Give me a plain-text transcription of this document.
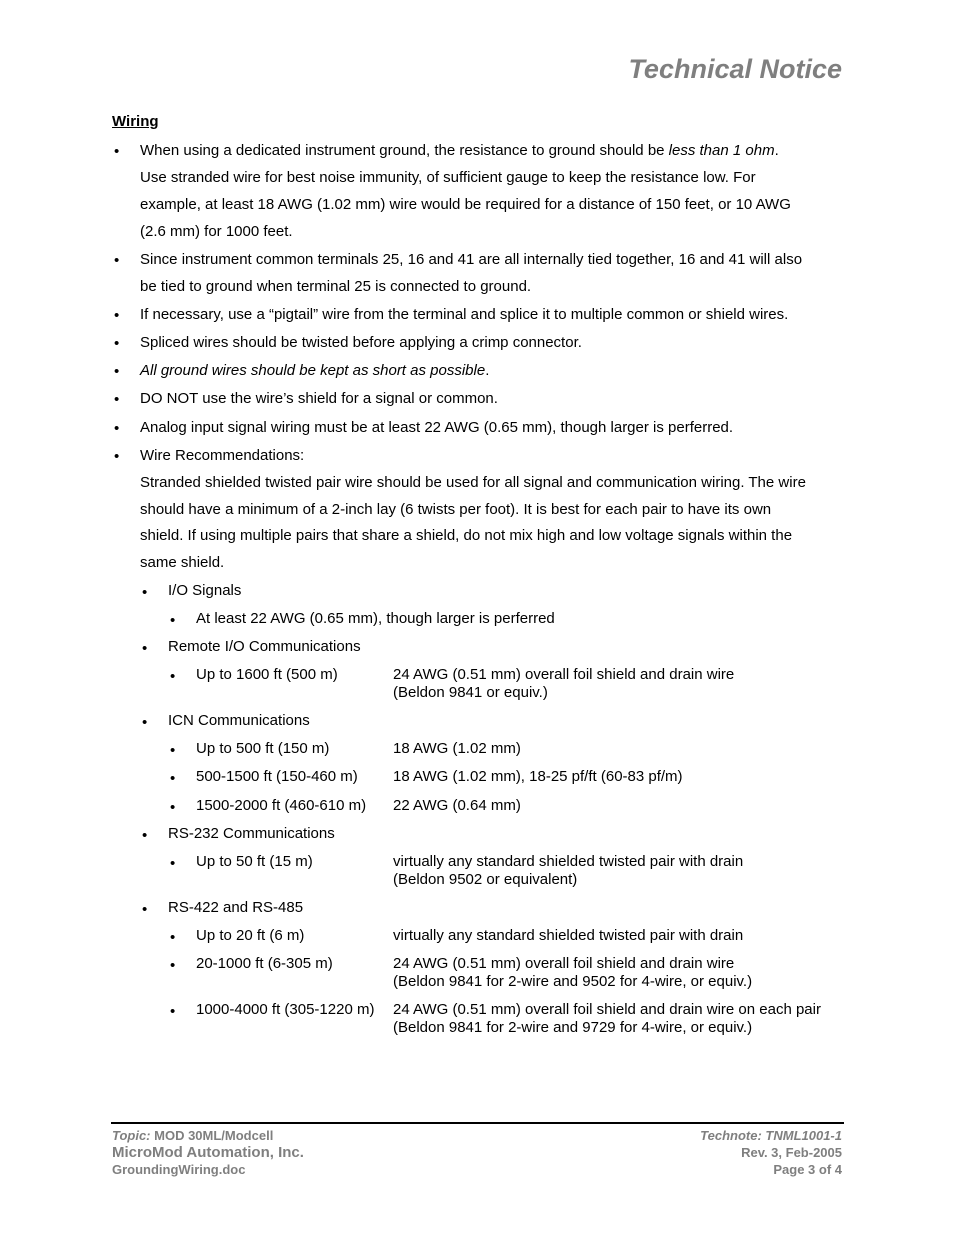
Technical Notice
Wiring
• When using a dedicated instrument ground, the resistance to ground should be less than 1 ohm.
Use stranded wire for best noise immunity, of sufficient gauge to keep the resistance low. For
example, at least 18 AWG (1.02 mm) wire would be required for a distance of 150 feet, or 10 AWG
(2.6 mm) for 1000 feet.
• Since instrument common terminals 25, 16 and 41 are all internally tied together, 16 and 41 will also
be tied to ground when terminal 25 is connected to ground.
• If necessary, use a “pigtail” wire from the terminal and splice it to multiple common or shield wires.
• Spliced wires should be twisted before applying a crimp connector.
• All ground wires should be kept as short as possible.
• DO NOT use the wire’s shield for a signal or common.
• Analog input signal wiring must be at least 22 AWG (0.65 mm), though larger is perferred.
• Wire Recommendations:
Stranded shielded twisted pair wire should be used for all signal and communication wiring. The wire
should have a minimum of a 2-inch lay (6 twists per foot). It is best for each pair to have its own
shield. If using multiple pairs that share a shield, do not mix high and low voltage signals within the
same shield.
• I/O Signals
• At least 22 AWG (0.65 mm), though larger is perferred
• Remote I/O Communications
• Up to 1600 ft (500 m)	24 AWG (0.51 mm) overall foil shield and drain wire
(Beldon 9841 or equiv.)
• ICN Communications
• Up to 500 ft (150 m)	18 AWG (1.02 mm)
• 500-1500 ft (150-460 m) 18 AWG (1.02 mm), 18-25 pf/ft (60-83 pf/m)
• 1500-2000 ft (460-610 m) 22 AWG (0.64 mm)
• RS-232 Communications
• Up to 50 ft (15 m)	virtually any standard shielded twisted pair with drain
(Beldon 9502 or equivalent)
• RS-422 and RS-485
• Up to 20 ft (6 m)	virtually any standard shielded twisted pair with drain
• 20-1000 ft (6-305 m)	24 AWG (0.51 mm) overall foil shield and drain wire
(Beldon 9841 for 2-wire and 9502 for 4-wire, or equiv.)
• 1000-4000 ft (305-1220 m) 24 AWG (0.51 mm) overall foil shield and drain wire on each pair
(Beldon 9841 for 2-wire and 9729 for 4-wire, or equiv.)
Topic: MOD 30ML/Modcell
MicroMod Automation, Inc.
GroundingWiring.doc
Technote: TNML1001-1
Rev. 3, Feb-2005
Page 3 of 4
